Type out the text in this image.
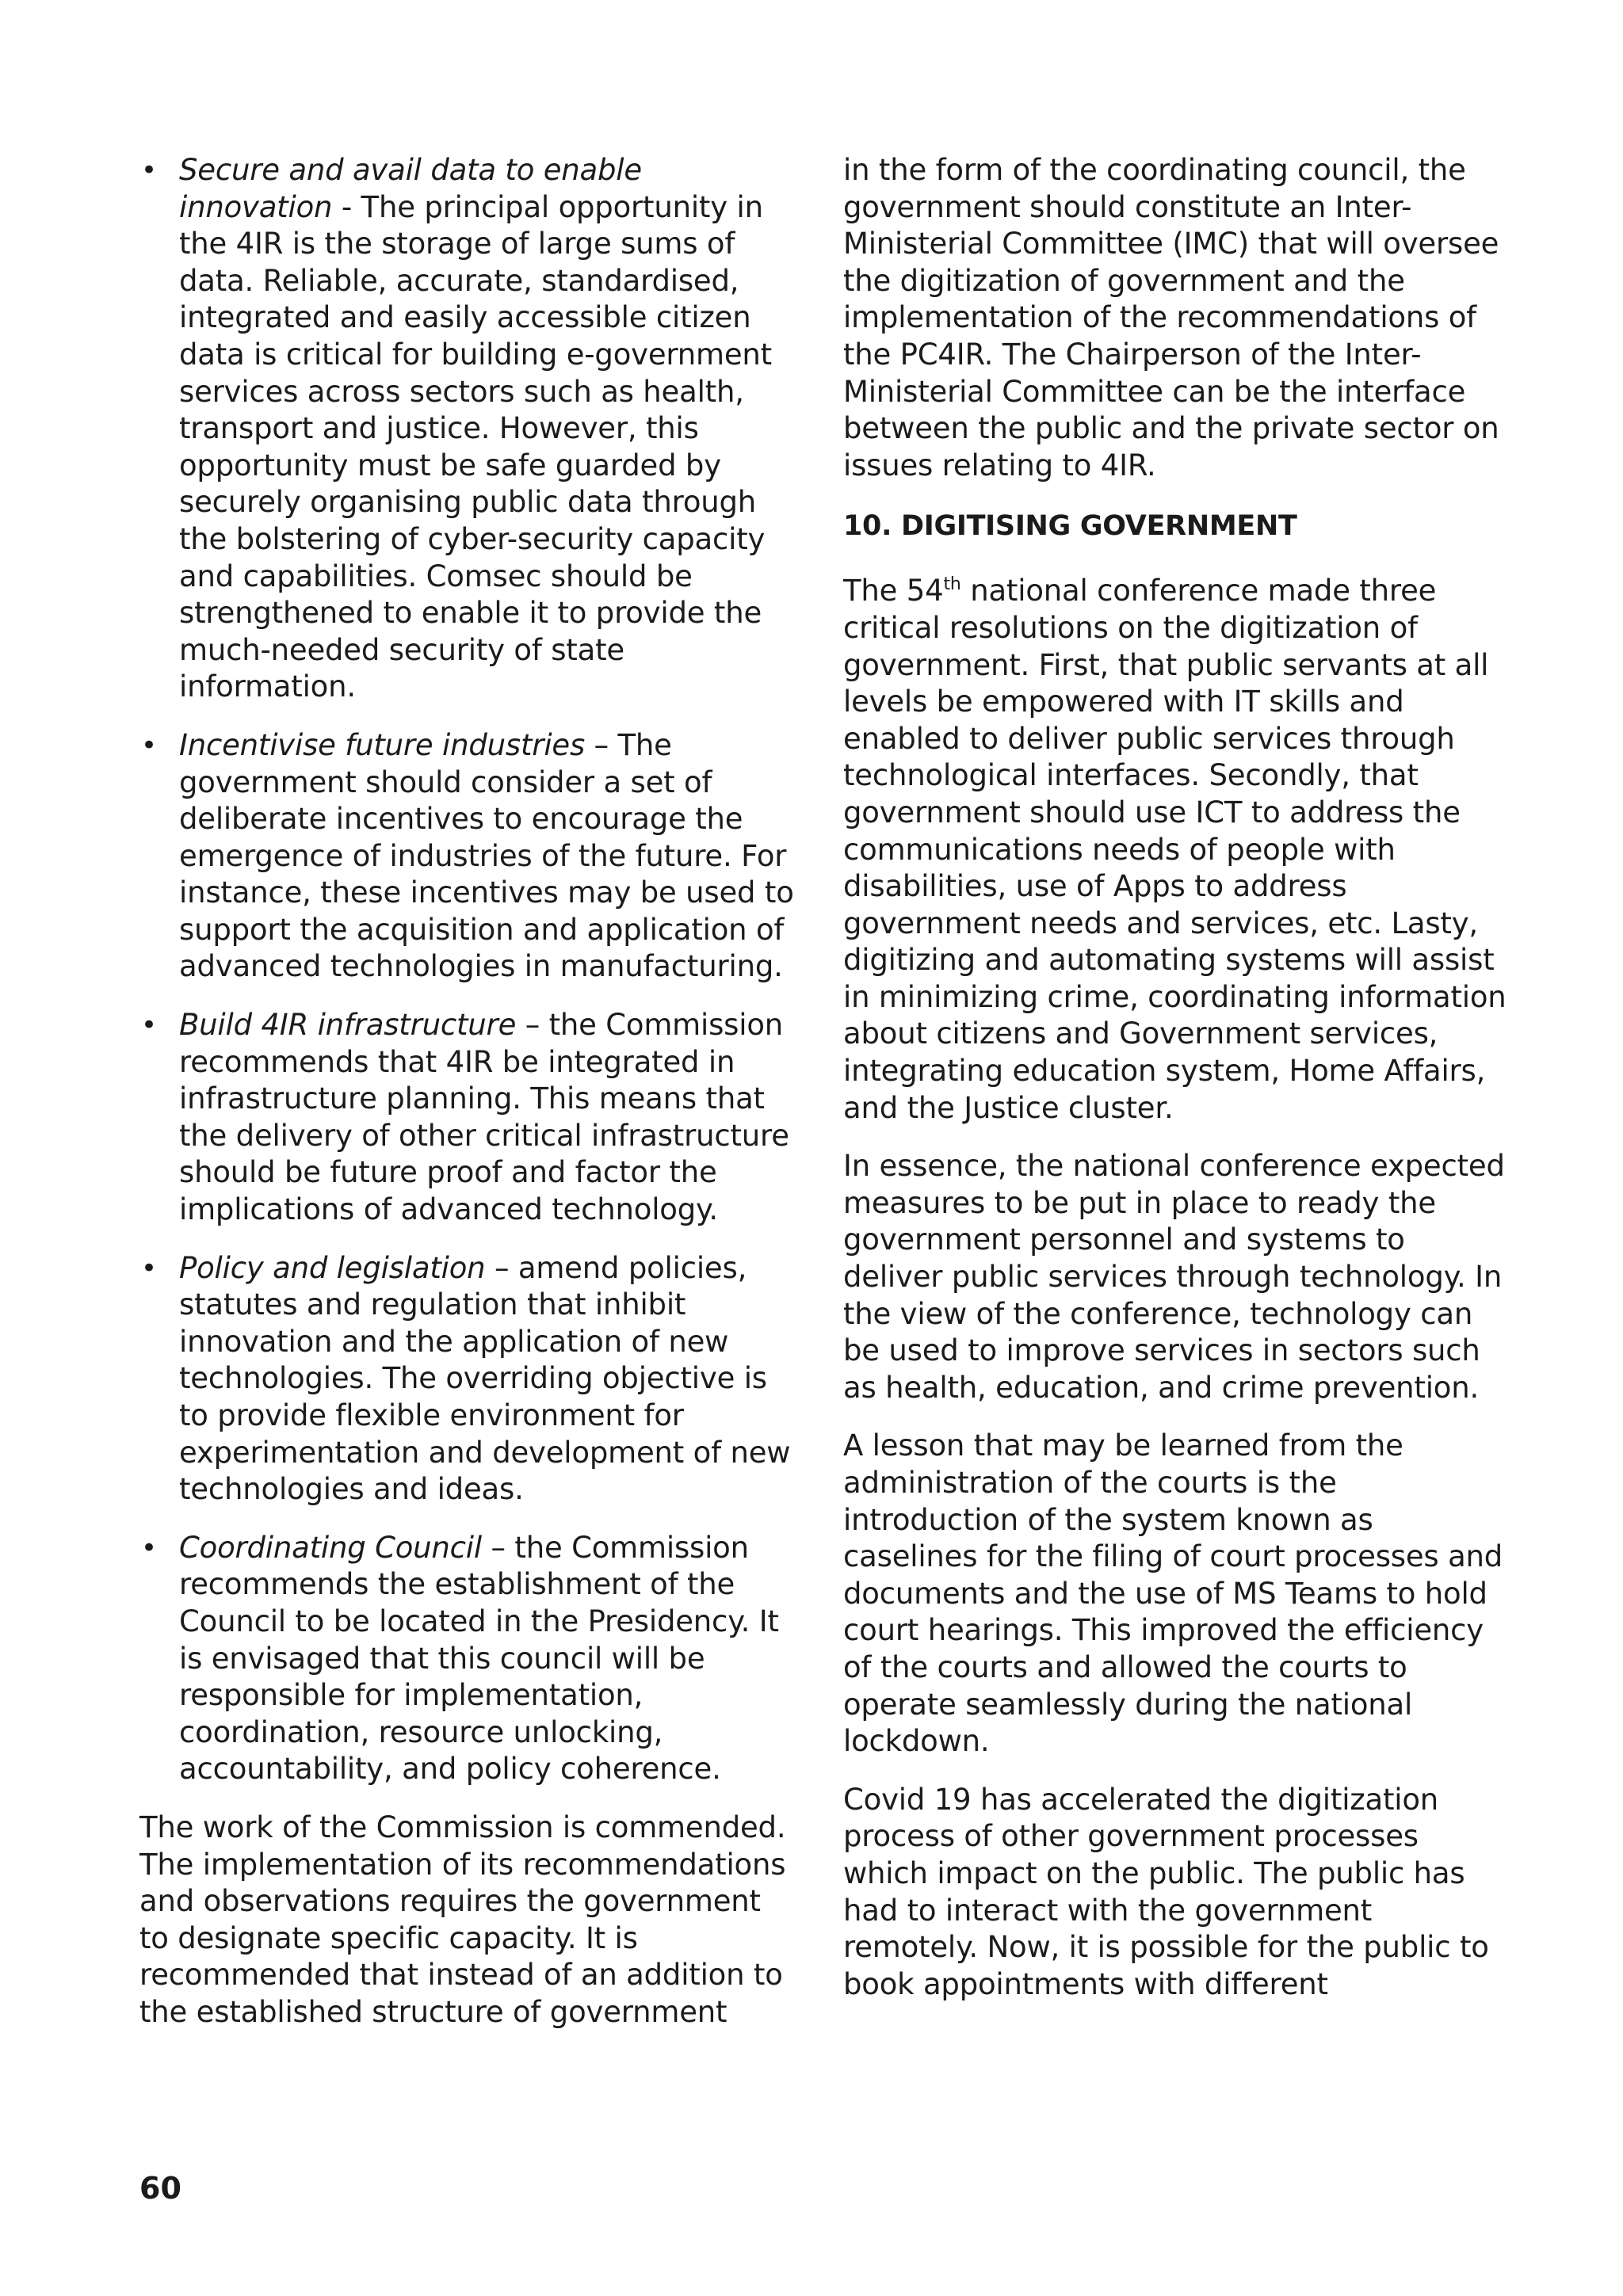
• Secure and avail data to enable innovation - The principal opportunity in the 4IR is the storage of large sums of data. Reliable, accurate, standardised, integrated and easily accessible citizen data is critical for building e-government services across sectors such as health, transport and justice. However, this opportunity must be safe guarded by securely organising public data through the bolstering of cyber-security capacity and capabilities. Comsec should be strengthened to enable it to provide the much-needed security of state information.
• Incentivise future industries – The government should consider a set of deliberate incentives to encourage the emergence of industries of the future. For instance, these incentives may be used to support the acquisition and application of advanced technologies in manufacturing.
• Build 4IR infrastructure – the Commission recommends that 4IR be integrated in infrastructure planning. This means that the delivery of other critical infrastructure should be future proof and factor the implications of advanced technology.
• Policy and legislation – amend policies, statutes and regulation that inhibit innovation and the application of new technologies. The overriding objective is to provide flexible environment for experimentation and development of new technologies and ideas.
• Coordinating Council – the Commission recommends the establishment of the Council to be located in the Presidency. It is envisaged that this council will be responsible for implementation, coordination, resource unlocking, accountability, and policy coherence.

The work of the Commission is commended. The implementation of its recommendations and observations requires the government to designate specific capacity. It is recommended that instead of an addition to the established structure of government

in the form of the coordinating council, the government should constitute an Inter-Ministerial Committee (IMC) that will oversee the digitization of government and the implementation of the recommendations of the PC4IR. The Chairperson of the Inter-Ministerial Committee can be the interface between the public and the private sector on issues relating to 4IR.

10. DIGITISING GOVERNMENT

The 54th national conference made three critical resolutions on the digitization of government. First, that public servants at all levels be empowered with IT skills and enabled to deliver public services through technological interfaces. Secondly, that government should use ICT to address the communications needs of people with disabilities, use of Apps to address government needs and services, etc. Lasty, digitizing and automating systems will assist in minimizing crime, coordinating information about citizens and Government services, integrating education system, Home Affairs, and the Justice cluster.

In essence, the national conference expected measures to be put in place to ready the government personnel and systems to deliver public services through technology. In the view of the conference, technology can be used to improve services in sectors such as health, education, and crime prevention.

A lesson that may be learned from the administration of the courts is the introduction of the system known as caselines for the filing of court processes and documents and the use of MS Teams to hold court hearings. This improved the efficiency of the courts and allowed the courts to operate seamlessly during the national lockdown.

Covid 19 has accelerated the digitization process of other government processes which impact on the public. The public has had to interact with the government remotely. Now, it is possible for the public to book appointments with different

60
